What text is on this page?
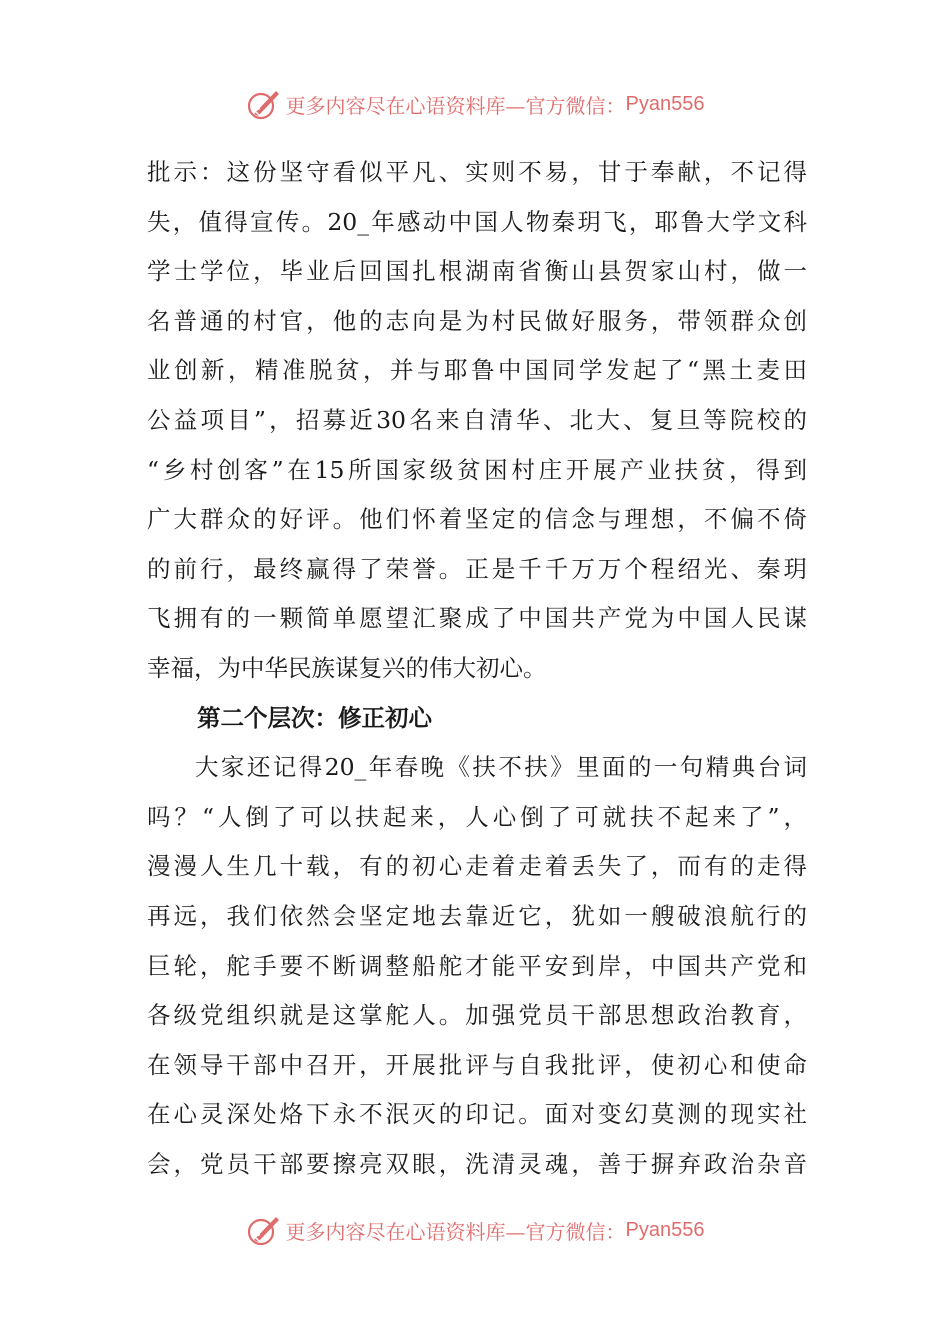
更多内容尽在心语资料库—官方微信： Pyan556
批示：这份坚守看似平凡、实则不易，甘于奉献，不记得
失，值得宣传。20_年感动中国人物秦玥飞，耶鲁大学文科
学士学位，毕业后回国扎根湖南省衡山县贺家山村，做一
名普通的村官，他的志向是为村民做好服务，带领群众创
业创新，精准脱贫，并与耶鲁中国同学发起了“黑土麦田
公益项目”，招募近30名来自清华、北大、复旦等院校的
“乡村创客”在15所国家级贫困村庄开展产业扶贫，得到
广大群众的好评。他们怀着坚定的信念与理想，不偏不倚
的前行，最终赢得了荣誉。正是千千万万个程绍光、秦玥
飞拥有的一颗简单愿望汇聚成了中国共产党为中国人民谋
幸福，为中华民族谋复兴的伟大初心。
第二个层次：修正初心
大家还记得20_年春晚《扶不扶》里面的一句精典台词
吗？“人倒了可以扶起来，人心倒了可就扶不起来了”，
漫漫人生几十载，有的初心走着走着丢失了，而有的走得
再远，我们依然会坚定地去靠近它，犹如一艘破浪航行的
巨轮，舵手要不断调整船舵才能平安到岸，中国共产党和
各级党组织就是这掌舵人。加强党员干部思想政治教育，
在领导干部中召开，开展批评与自我批评，使初心和使命
在心灵深处烙下永不泯灭的印记。面对变幻莫测的现实社
会，党员干部要擦亮双眼，洗清灵魂，善于摒弃政治杂音
更多内容尽在心语资料库—官方微信： Pyan556
